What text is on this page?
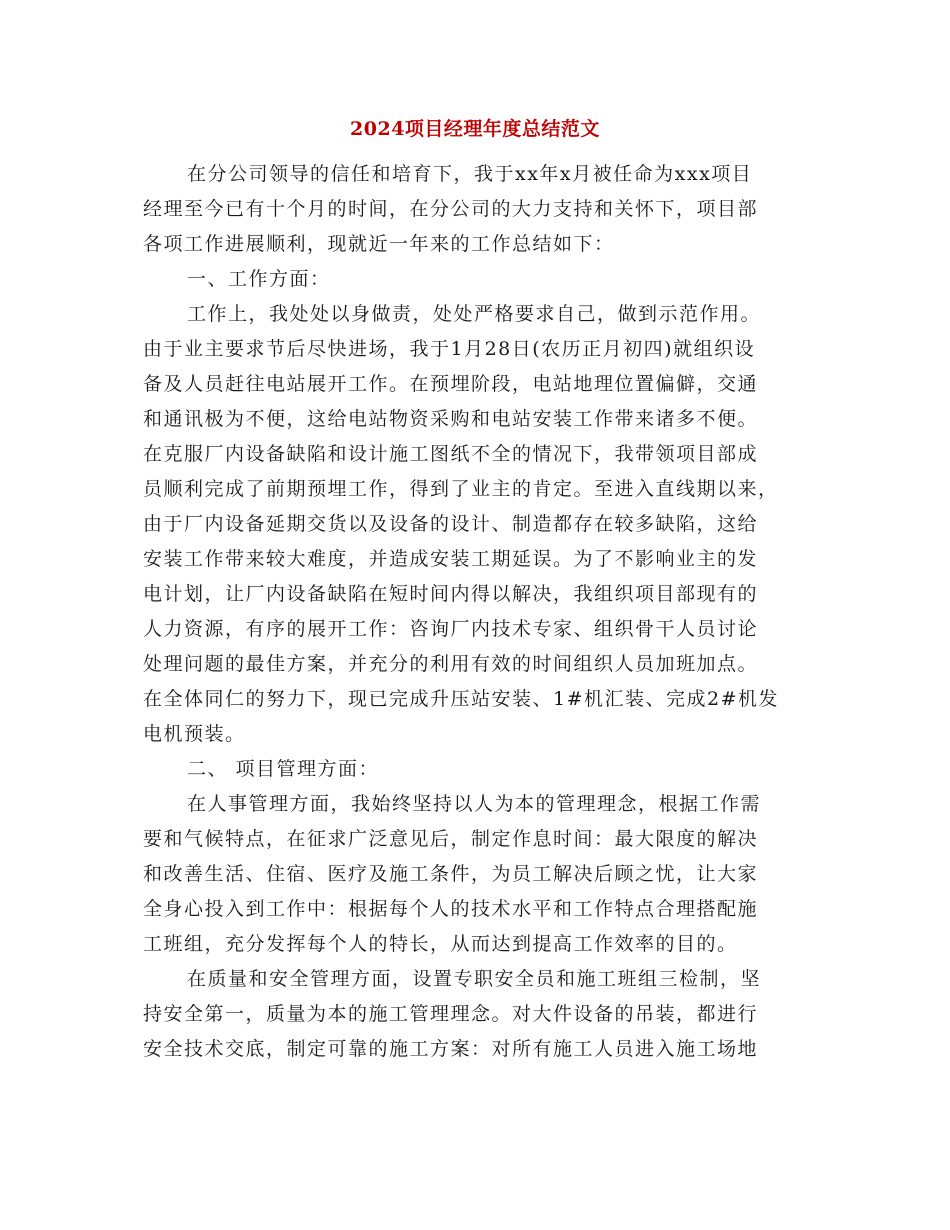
2024项目经理年度总结范文
在分公司领导的信任和培育下，我于xx年x月被任命为xxx项目
经理至今已有十个月的时间，在分公司的大力支持和关怀下，项目部
各项工作进展顺利，现就近一年来的工作总结如下：
一、工作方面：
工作上，我处处以身做责，处处严格要求自己，做到示范作用。
由于业主要求节后尽快进场，我于1月28日(农历正月初四)就组织设
备及人员赶往电站展开工作。在预埋阶段，电站地理位置偏僻，交通
和通讯极为不便，这给电站物资采购和电站安装工作带来诸多不便。
在克服厂内设备缺陷和设计施工图纸不全的情况下，我带领项目部成
员顺利完成了前期预埋工作，得到了业主的肯定。至进入直线期以来，
由于厂内设备延期交货以及设备的设计、制造都存在较多缺陷，这给
安装工作带来较大难度，并造成安装工期延误。为了不影响业主的发
电计划，让厂内设备缺陷在短时间内得以解决，我组织项目部现有的
人力资源，有序的展开工作：咨询厂内技术专家、组织骨干人员讨论
处理问题的最佳方案，并充分的利用有效的时间组织人员加班加点。
在全体同仁的努力下，现已完成升压站安装、1#机汇装、完成2#机发
电机预装。
二、 项目管理方面：
在人事管理方面，我始终坚持以人为本的管理理念，根据工作需
要和气候特点，在征求广泛意见后，制定作息时间：最大限度的解决
和改善生活、住宿、医疗及施工条件，为员工解决后顾之忧，让大家
全身心投入到工作中：根据每个人的技术水平和工作特点合理搭配施
工班组，充分发挥每个人的特长，从而达到提高工作效率的目的。
在质量和安全管理方面，设置专职安全员和施工班组三检制，坚
持安全第一，质量为本的施工管理理念。对大件设备的吊装，都进行
安全技术交底，制定可靠的施工方案：对所有施工人员进入施工场地
